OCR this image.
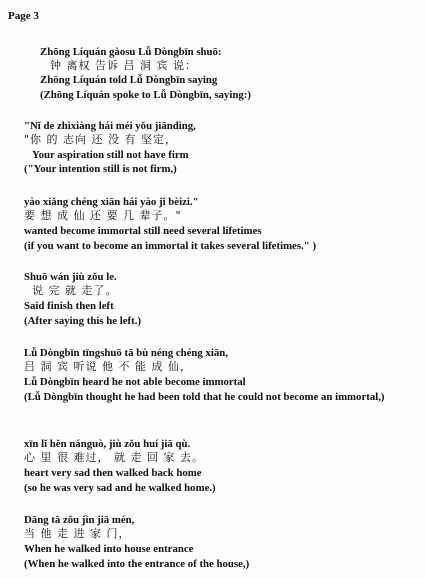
Page 3
Zhōng Líquán gàosu Lǚ Dòngbīn shuō:
钟 离权 告诉 吕 洞 宾 说：
Zhōng Líquán told Lǚ Dòngbīn saying
(Zhōng Líquán spoke to Lǚ Dòngbīn, saying:)
"Nǐ de zhìxiàng hái méi yǒu jiāndìng,
"你 的 志向 还 没 有 坚定，
Your aspiration still not have firm
("Your intention still is not firm,)
yào xiǎng chéng xiān hái yào jǐ bèizi."
要 想 成 仙 还 要 几 辈子。"
wanted become immortal still need several lifetimes
(if you want to become an immortal it takes several lifetimes." )
Shuō wán jiù zǒu le.
说 完 就 走了。
Said finish then left
(After saying this he left.)
Lǚ Dòngbīn tīngshuō tā bù néng chéng xiān,
吕 洞 宾 听说 他 不 能 成 仙，
Lǚ Dòngbīn heard he not able become immortal
(Lǚ Dòngbīn thought he had been told that he could not become an immortal,)
xīn lǐ hěn nánguò, jiù zǒu huí jiā qù.
心 里 很 难过， 就 走 回 家 去。
heart very sad then walked back home
(so he was very sad and he walked home.)
Dāng tā zǒu jìn jiā mén,
当 他 走 进 家 门，
When he walked into house entrance
(When he walked into the entrance of the house,)
